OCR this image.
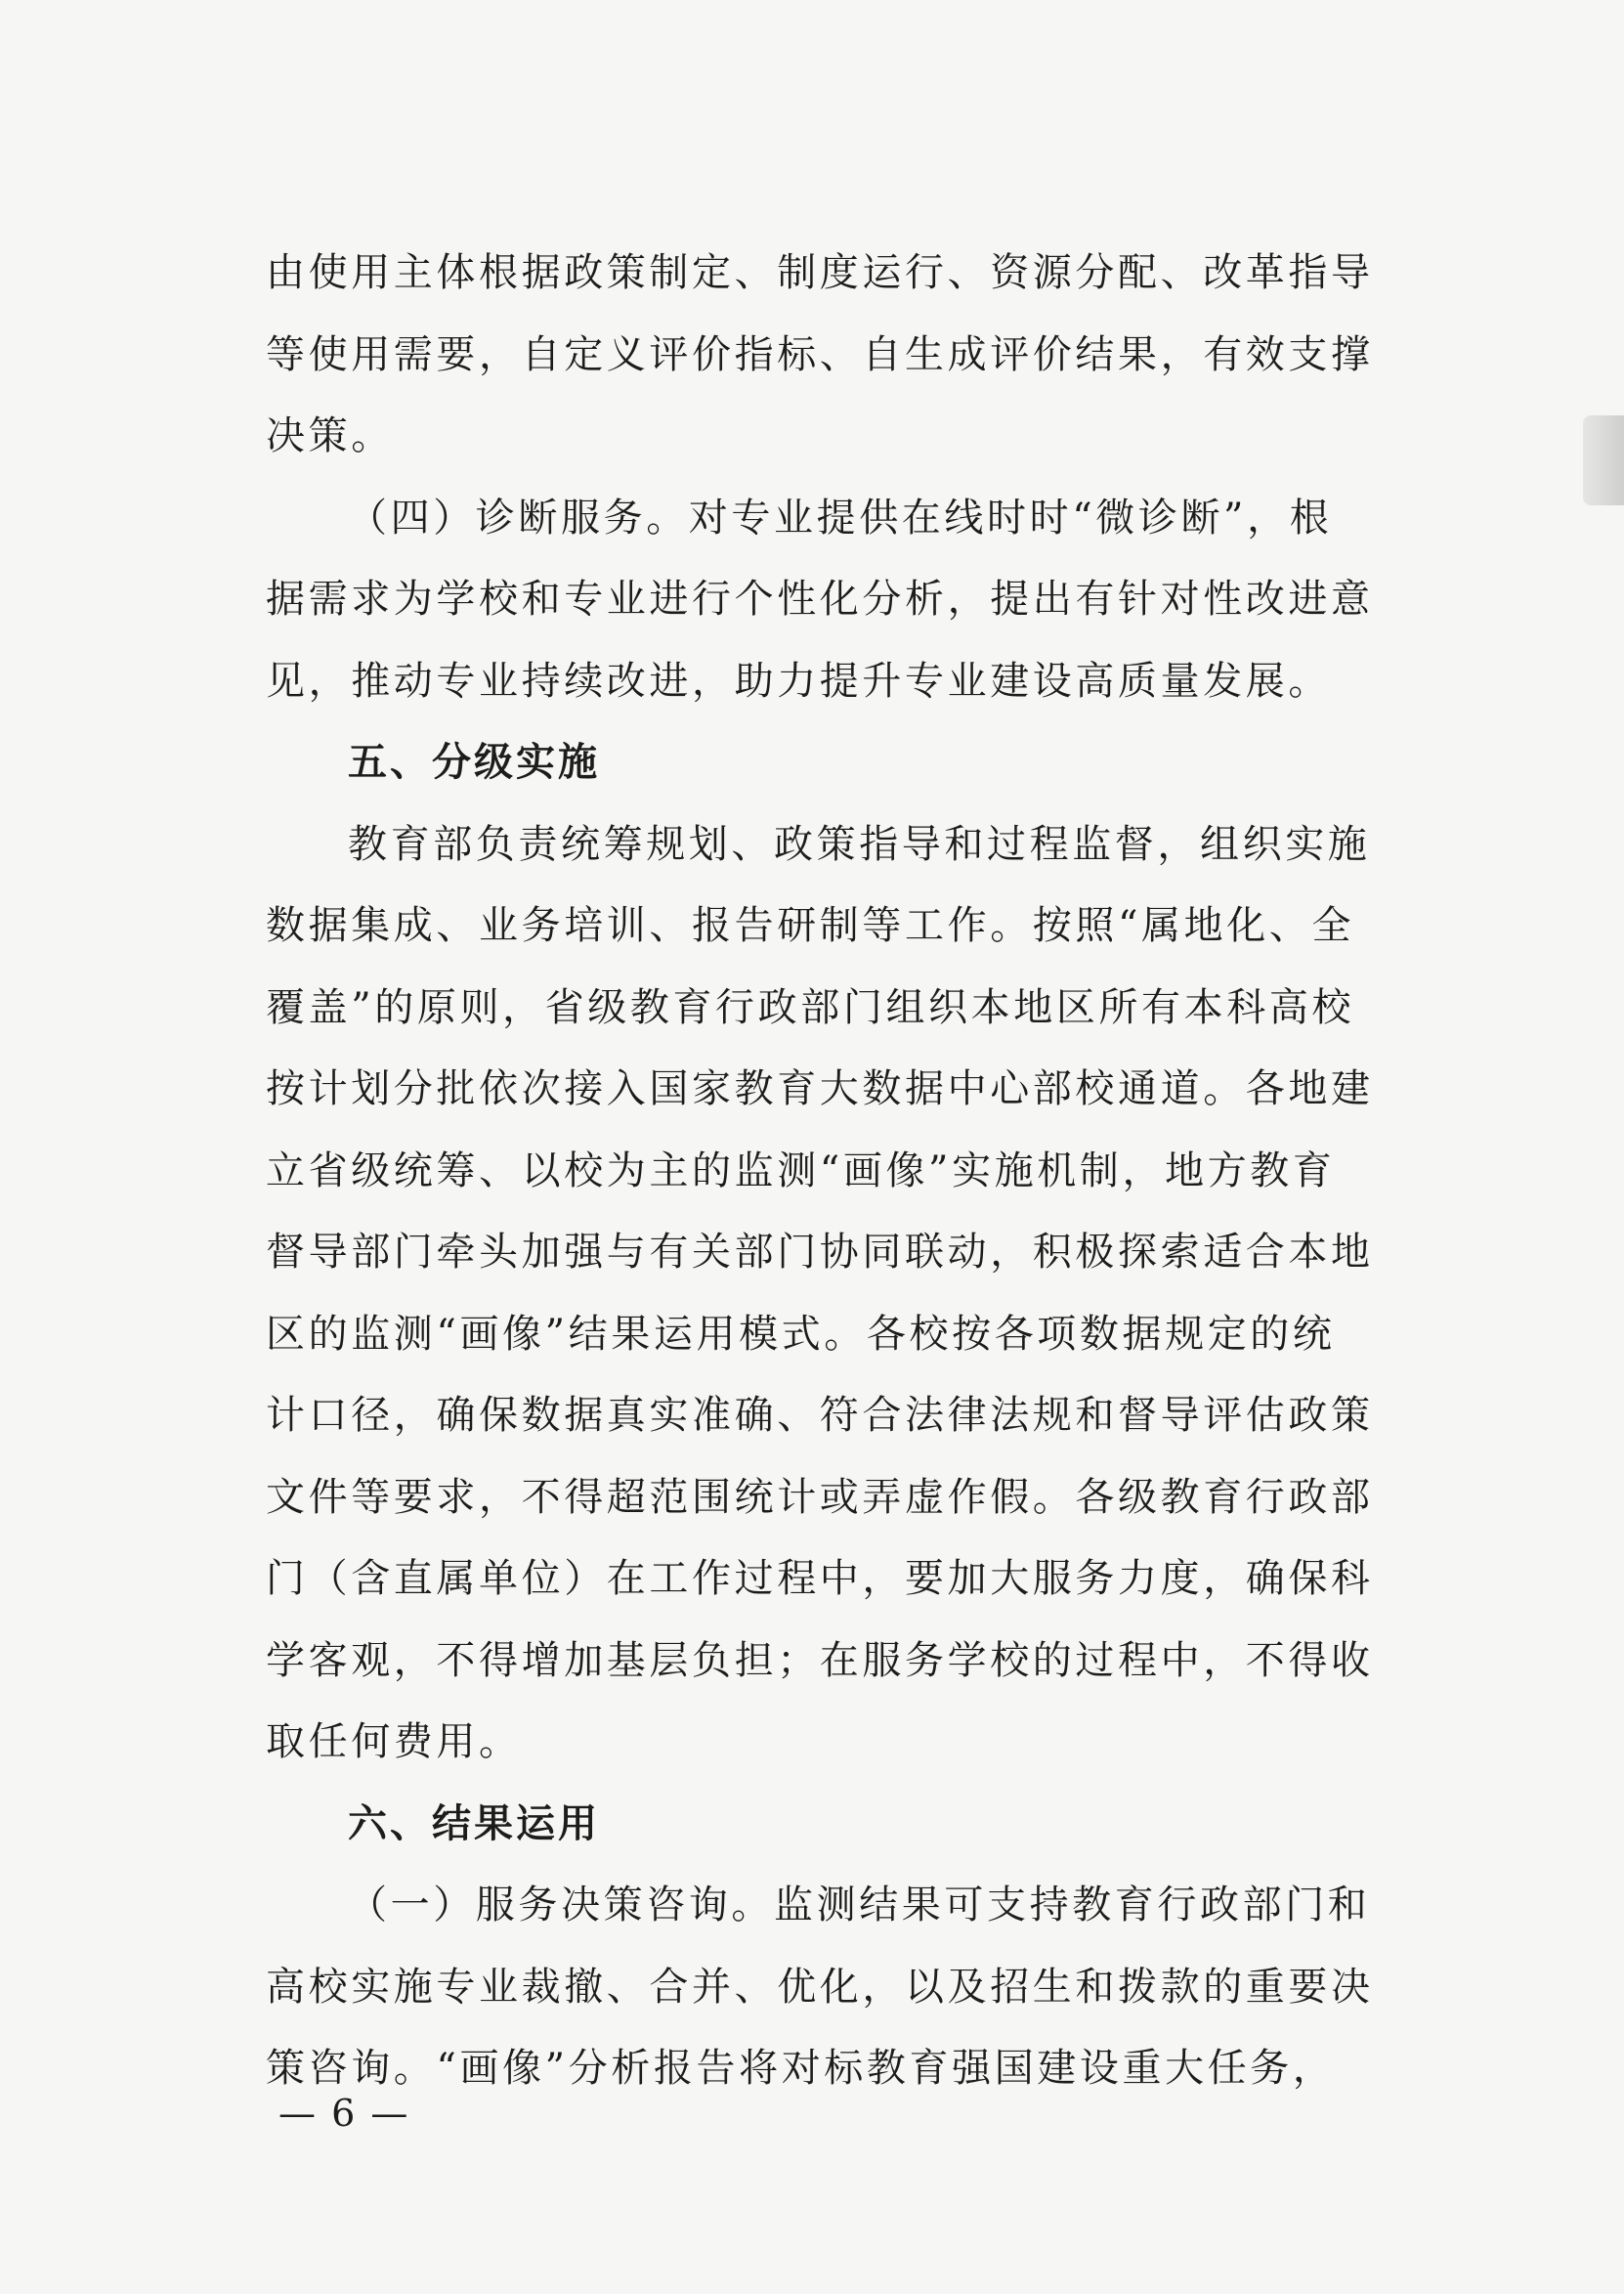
由使用主体根据政策制定、制度运行、资源分配、改革指导
等使用需要，自定义评价指标、自生成评价结果，有效支撑
决策。
（四）诊断服务。对专业提供在线时时“微诊断”，根
据需求为学校和专业进行个性化分析，提出有针对性改进意
见，推动专业持续改进，助力提升专业建设高质量发展。
五、分级实施
教育部负责统筹规划、政策指导和过程监督，组织实施
数据集成、业务培训、报告研制等工作。按照“属地化、全
覆盖”的原则，省级教育行政部门组织本地区所有本科高校
按计划分批依次接入国家教育大数据中心部校通道。各地建
立省级统筹、以校为主的监测“画像”实施机制，地方教育
督导部门牵头加强与有关部门协同联动，积极探索适合本地
区的监测“画像”结果运用模式。各校按各项数据规定的统
计口径，确保数据真实准确、符合法律法规和督导评估政策
文件等要求，不得超范围统计或弄虚作假。各级教育行政部
门（含直属单位）在工作过程中，要加大服务力度，确保科
学客观，不得增加基层负担；在服务学校的过程中，不得收
取任何费用。
六、结果运用
（一）服务决策咨询。监测结果可支持教育行政部门和
高校实施专业裁撤、合并、优化，以及招生和拨款的重要决
策咨询。“画像”分析报告将对标教育强国建设重大任务，
— 6 —
